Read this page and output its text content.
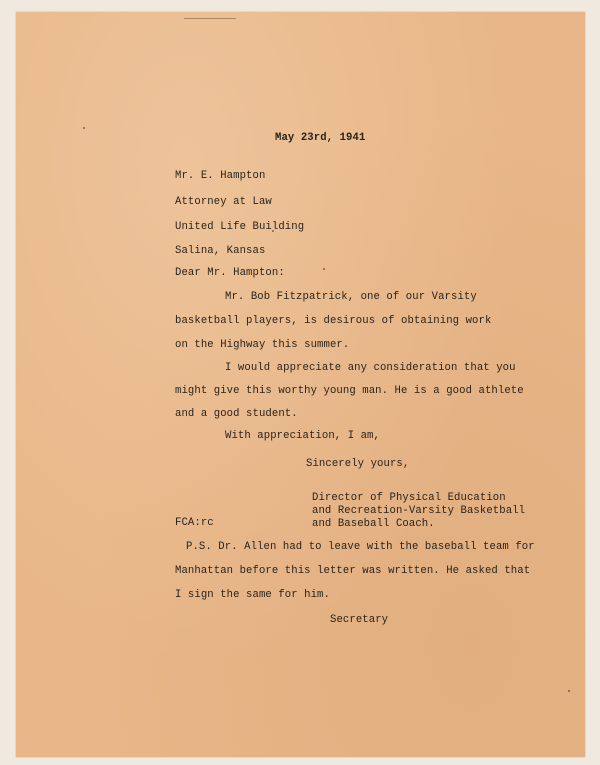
May 23rd, 1941
Mr. E. Hampton
Attorney at Law
United Life Building
Salina, Kansas
Dear Mr. Hampton:
Mr. Bob Fitzpatrick, one of our Varsity
basketball players, is desirous of obtaining work
on the Highway this summer.
I would appreciate any consideration that you
might give this worthy young man. He is a good athlete
and a good student.
With appreciation, I am,
Sincerely yours,
Director of Physical Education
and Recreation-Varsity Basketball
and Baseball Coach.
FCA:rc
P.S. Dr. Allen had to leave with the baseball team for
Manhattan before this letter was written. He asked that
I sign the same for him.
Secretary
